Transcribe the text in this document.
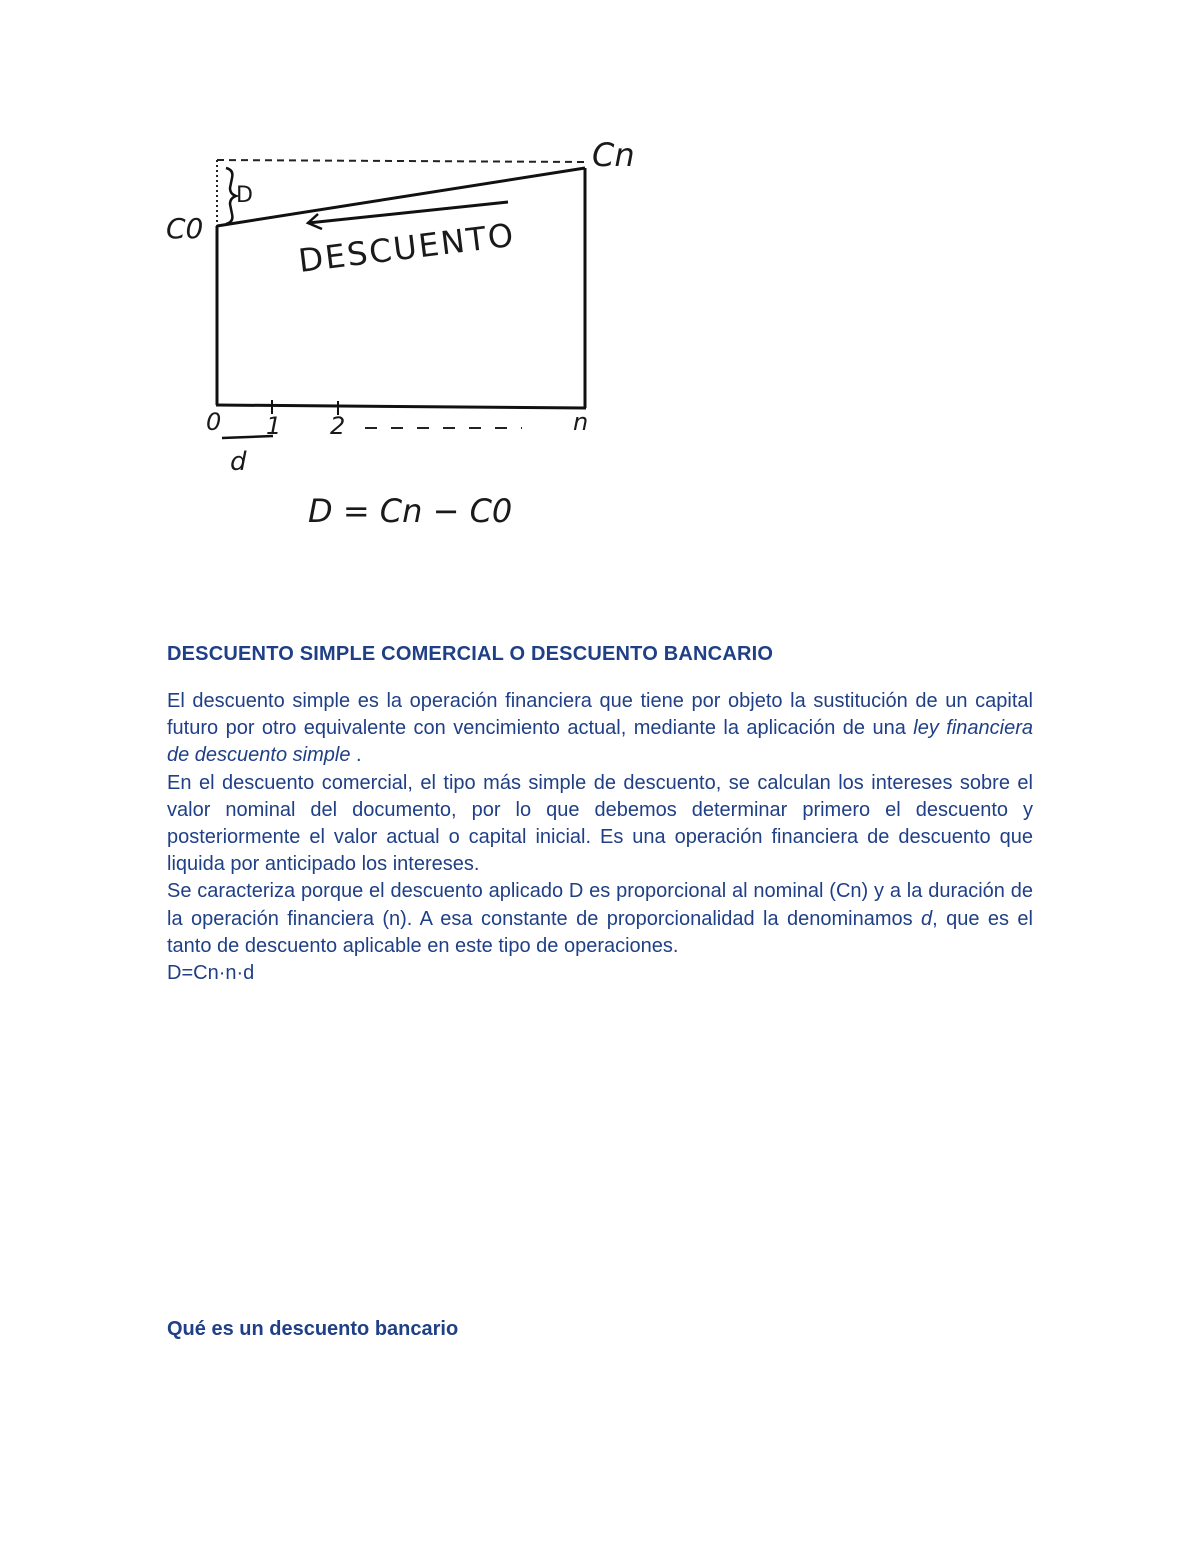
Cn
C0
D
DESCUENTO
0 1 2	n
d
D = Cn − C0
DESCUENTO SIMPLE COMERCIAL O DESCUENTO BANCARIO

El descuento simple es la operación financiera que tiene por objeto la sustitución de un capital futuro por otro equivalente con vencimiento actual, mediante la aplicación de una ley financiera de descuento simple .

En el descuento comercial, el tipo más simple de descuento, se calculan los intereses sobre el valor nominal del documento, por lo que debemos determinar primero el descuento y posteriormente el valor actual o capital inicial. Es una operación financiera de descuento que liquida por anticipado los intereses.

Se caracteriza porque el descuento aplicado D es proporcional al nominal (Cn) y a la duración de la operación financiera (n). A esa constante de proporcionalidad la denominamos d, que es el tanto de descuento aplicable en este tipo de operaciones.

D=Cn·n·d

Qué es un descuento bancario
